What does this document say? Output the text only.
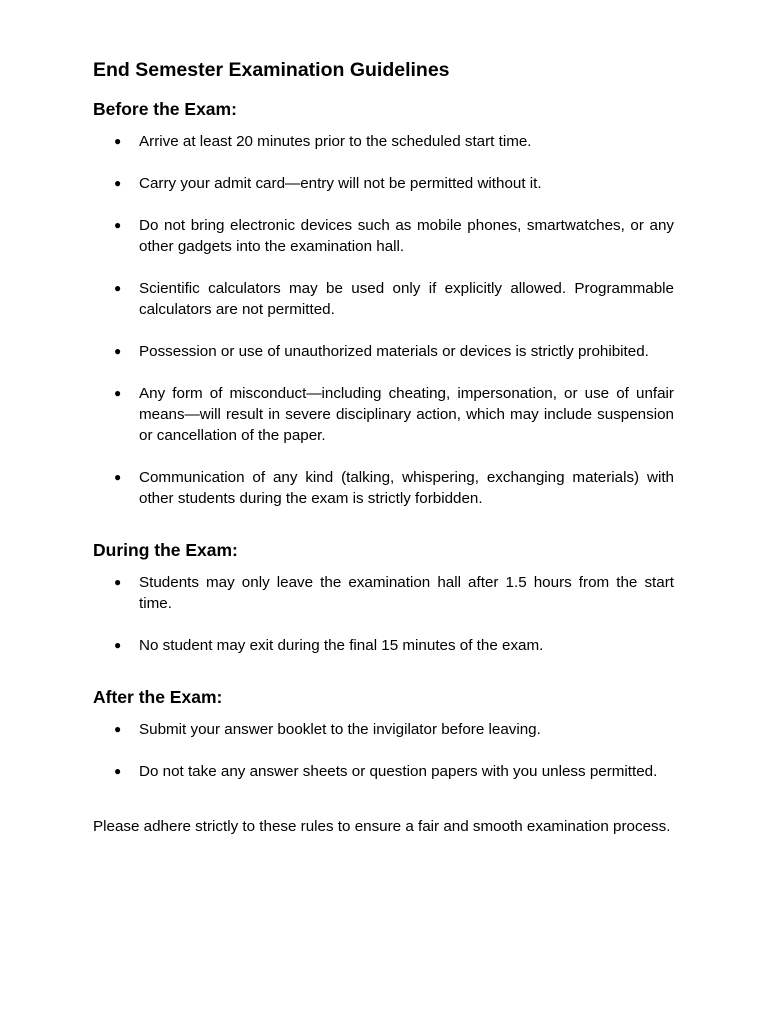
End Semester Examination Guidelines
Before the Exam:
● Arrive at least 20 minutes prior to the scheduled start time.
● Carry your admit card—entry will not be permitted without it.
● Do not bring electronic devices such as mobile phones, smartwatches, or any other gadgets into the examination hall.
● Scientific calculators may be used only if explicitly allowed. Programmable calculators are not permitted.
● Possession or use of unauthorized materials or devices is strictly prohibited.
● Any form of misconduct—including cheating, impersonation, or use of unfair means—will result in severe disciplinary action, which may include suspension or cancellation of the paper.
● Communication of any kind (talking, whispering, exchanging materials) with other students during the exam is strictly forbidden.
During the Exam:
● Students may only leave the examination hall after 1.5 hours from the start time.
● No student may exit during the final 15 minutes of the exam.
After the Exam:
● Submit your answer booklet to the invigilator before leaving.
● Do not take any answer sheets or question papers with you unless permitted.

Please adhere strictly to these rules to ensure a fair and smooth examination process.
